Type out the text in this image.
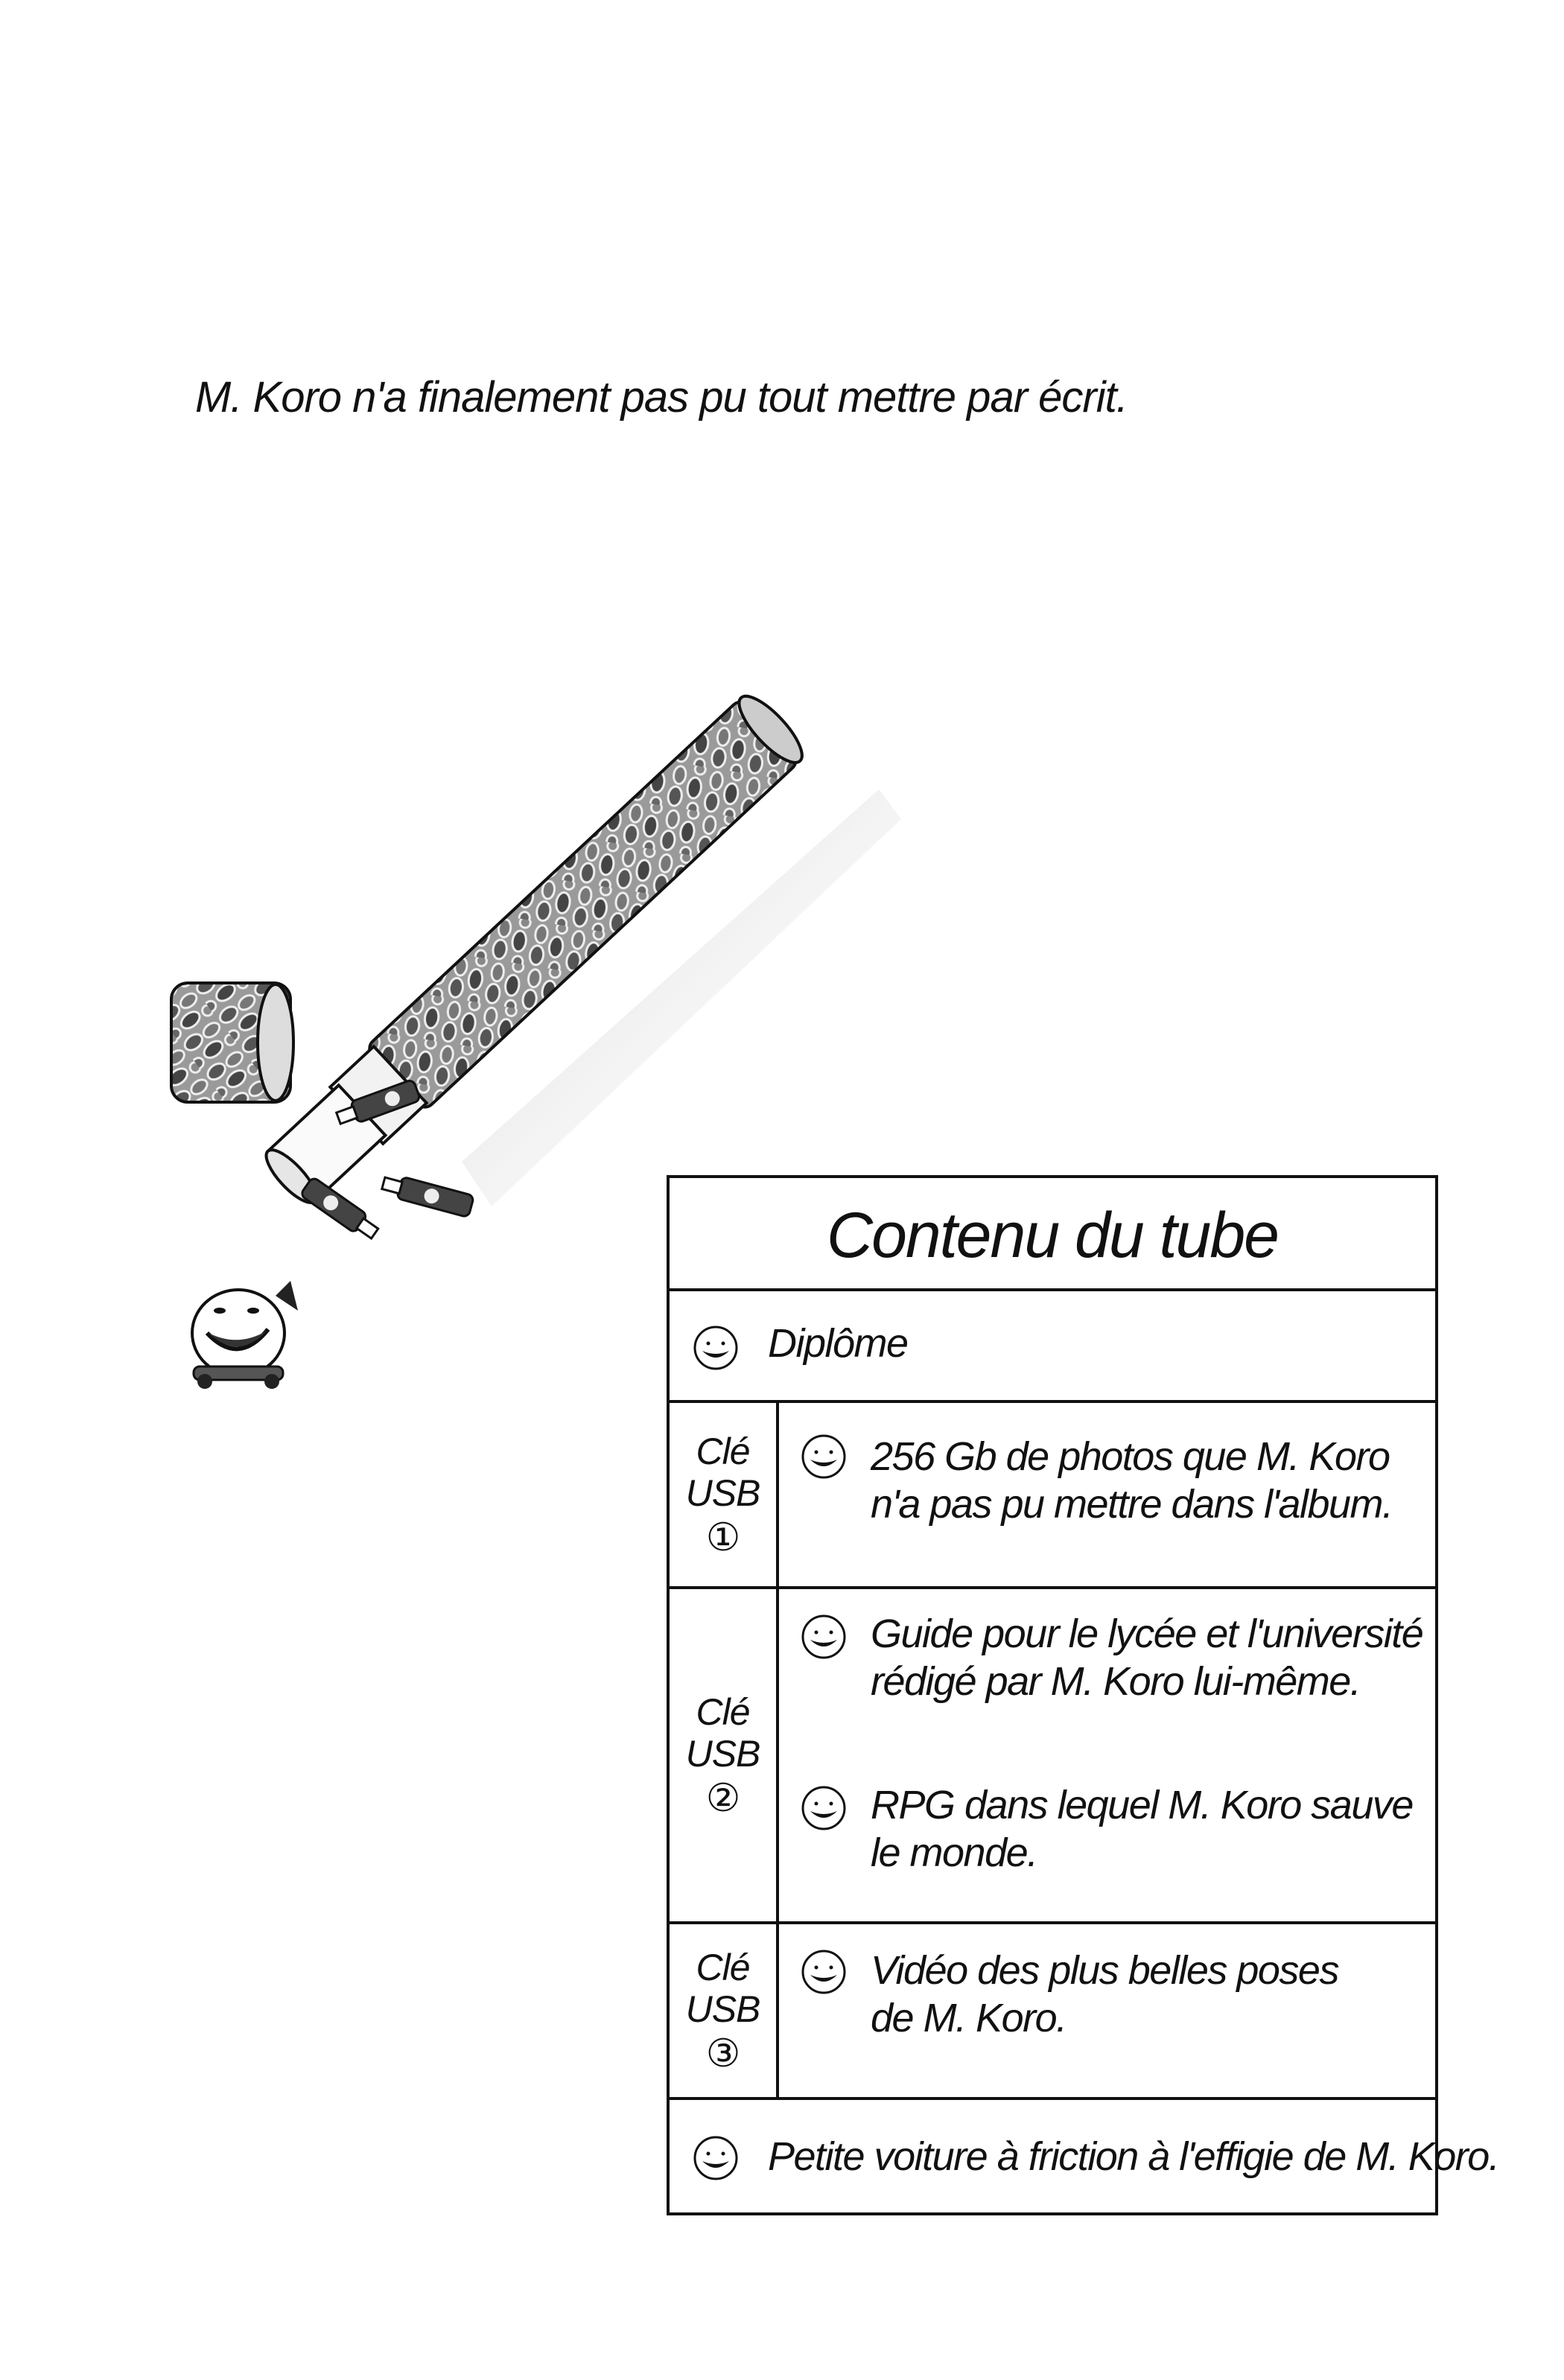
M. Koro n'a finalement pas pu tout mettre par écrit.
Contenu du tube
Diplôme
Clé
USB
①
256 Gb de photos que M. Koro
n'a pas pu mettre dans l'album.
Clé
USB
②
Guide pour le lycée et l'université
rédigé par M. Koro lui-même.
RPG dans lequel M. Koro sauve
le monde.
Clé
USB
③
Vidéo des plus belles poses
de M. Koro.
Petite voiture à friction à l'effigie de M. Koro.
